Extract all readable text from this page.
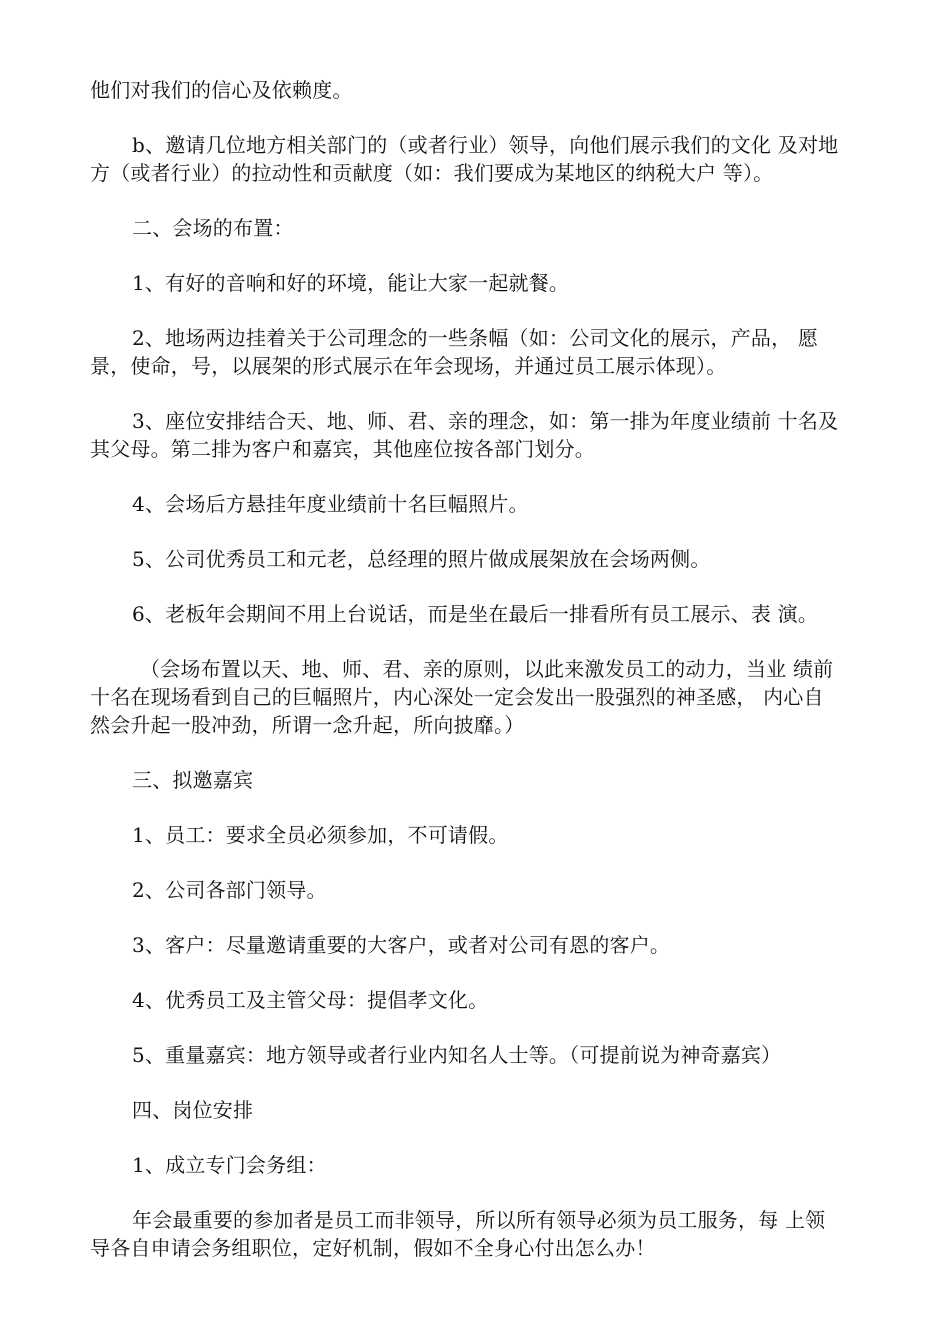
他们对我们的信心及依赖度。

b、邀请几位地方相关部门的（或者行业）领导，向他们展示我们的文化 及对地
方（或者行业）的拉动性和贡献度（如：我们要成为某地区的纳税大户 等）。

二、会场的布置：

1、有好的音响和好的环境，能让大家一起就餐。

2、地场两边挂着关于公司理念的一些条幅（如：公司文化的展示，产品， 愿
景，使命，号，以展架的形式展示在年会现场，并通过员工展示体现）。

3、座位安排结合天、地、师、君、亲的理念，如：第一排为年度业绩前 十名及
其父母。第二排为客户和嘉宾，其他座位按各部门划分。

4、会场后方悬挂年度业绩前十名巨幅照片。

5、公司优秀员工和元老，总经理的照片做成展架放在会场两侧。

6、老板年会期间不用上台说话，而是坐在最后一排看所有员工展示、表 演。

（会场布置以天、地、师、君、亲的原则，以此来激发员工的动力，当业 绩前
十名在现场看到自己的巨幅照片，内心深处一定会发出一股强烈的神圣感， 内心自
然会升起一股冲劲，所谓一念升起，所向披靡。）

三、拟邀嘉宾

1、员工：要求全员必须参加，不可请假。

2、公司各部门领导。

3、客户：尽量邀请重要的大客户，或者对公司有恩的客户。

4、优秀员工及主管父母：提倡孝文化。

5、重量嘉宾：地方领导或者行业内知名人士等。（可提前说为神奇嘉宾）

四、岗位安排

1、成立专门会务组：

年会最重要的参加者是员工而非领导，所以所有领导必须为员工服务，每 上领
导各自申请会务组职位，定好机制，假如不全身心付出怎么办！
